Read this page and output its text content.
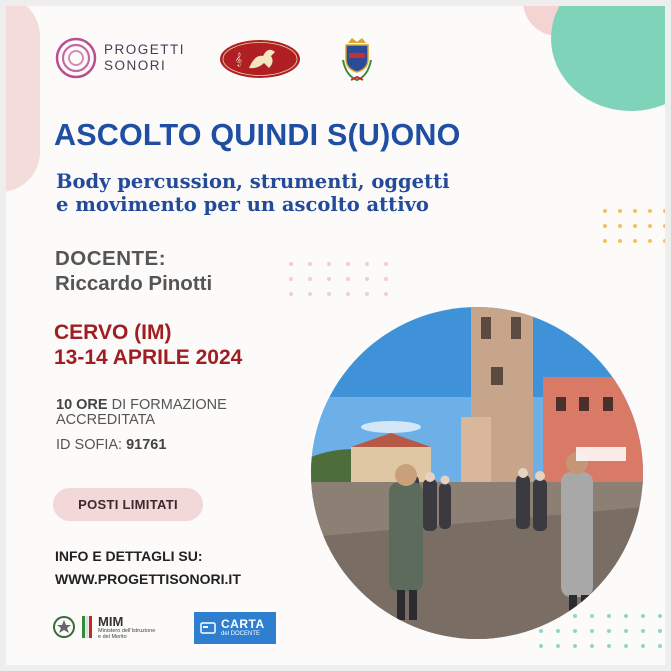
PROGETTI
SONORI	𝄞
ASCOLTO QUINDI S(U)ONO
Body percussion, strumenti, oggetti
e movimento per un ascolto attivo
DOCENTE:
Riccardo Pinotti
CERVO (IM)
13-14 APRILE 2024
10 ORE DI FORMAZIONE ACCREDITATA
ID SOFIA: 91761
POSTI LIMITATI
INFO E DETTAGLI SU:
WWW.PROGETTISONORI.IT
MIM
Ministero dell'Istruzione
e del Merito
CARTA
del DOCENTE
